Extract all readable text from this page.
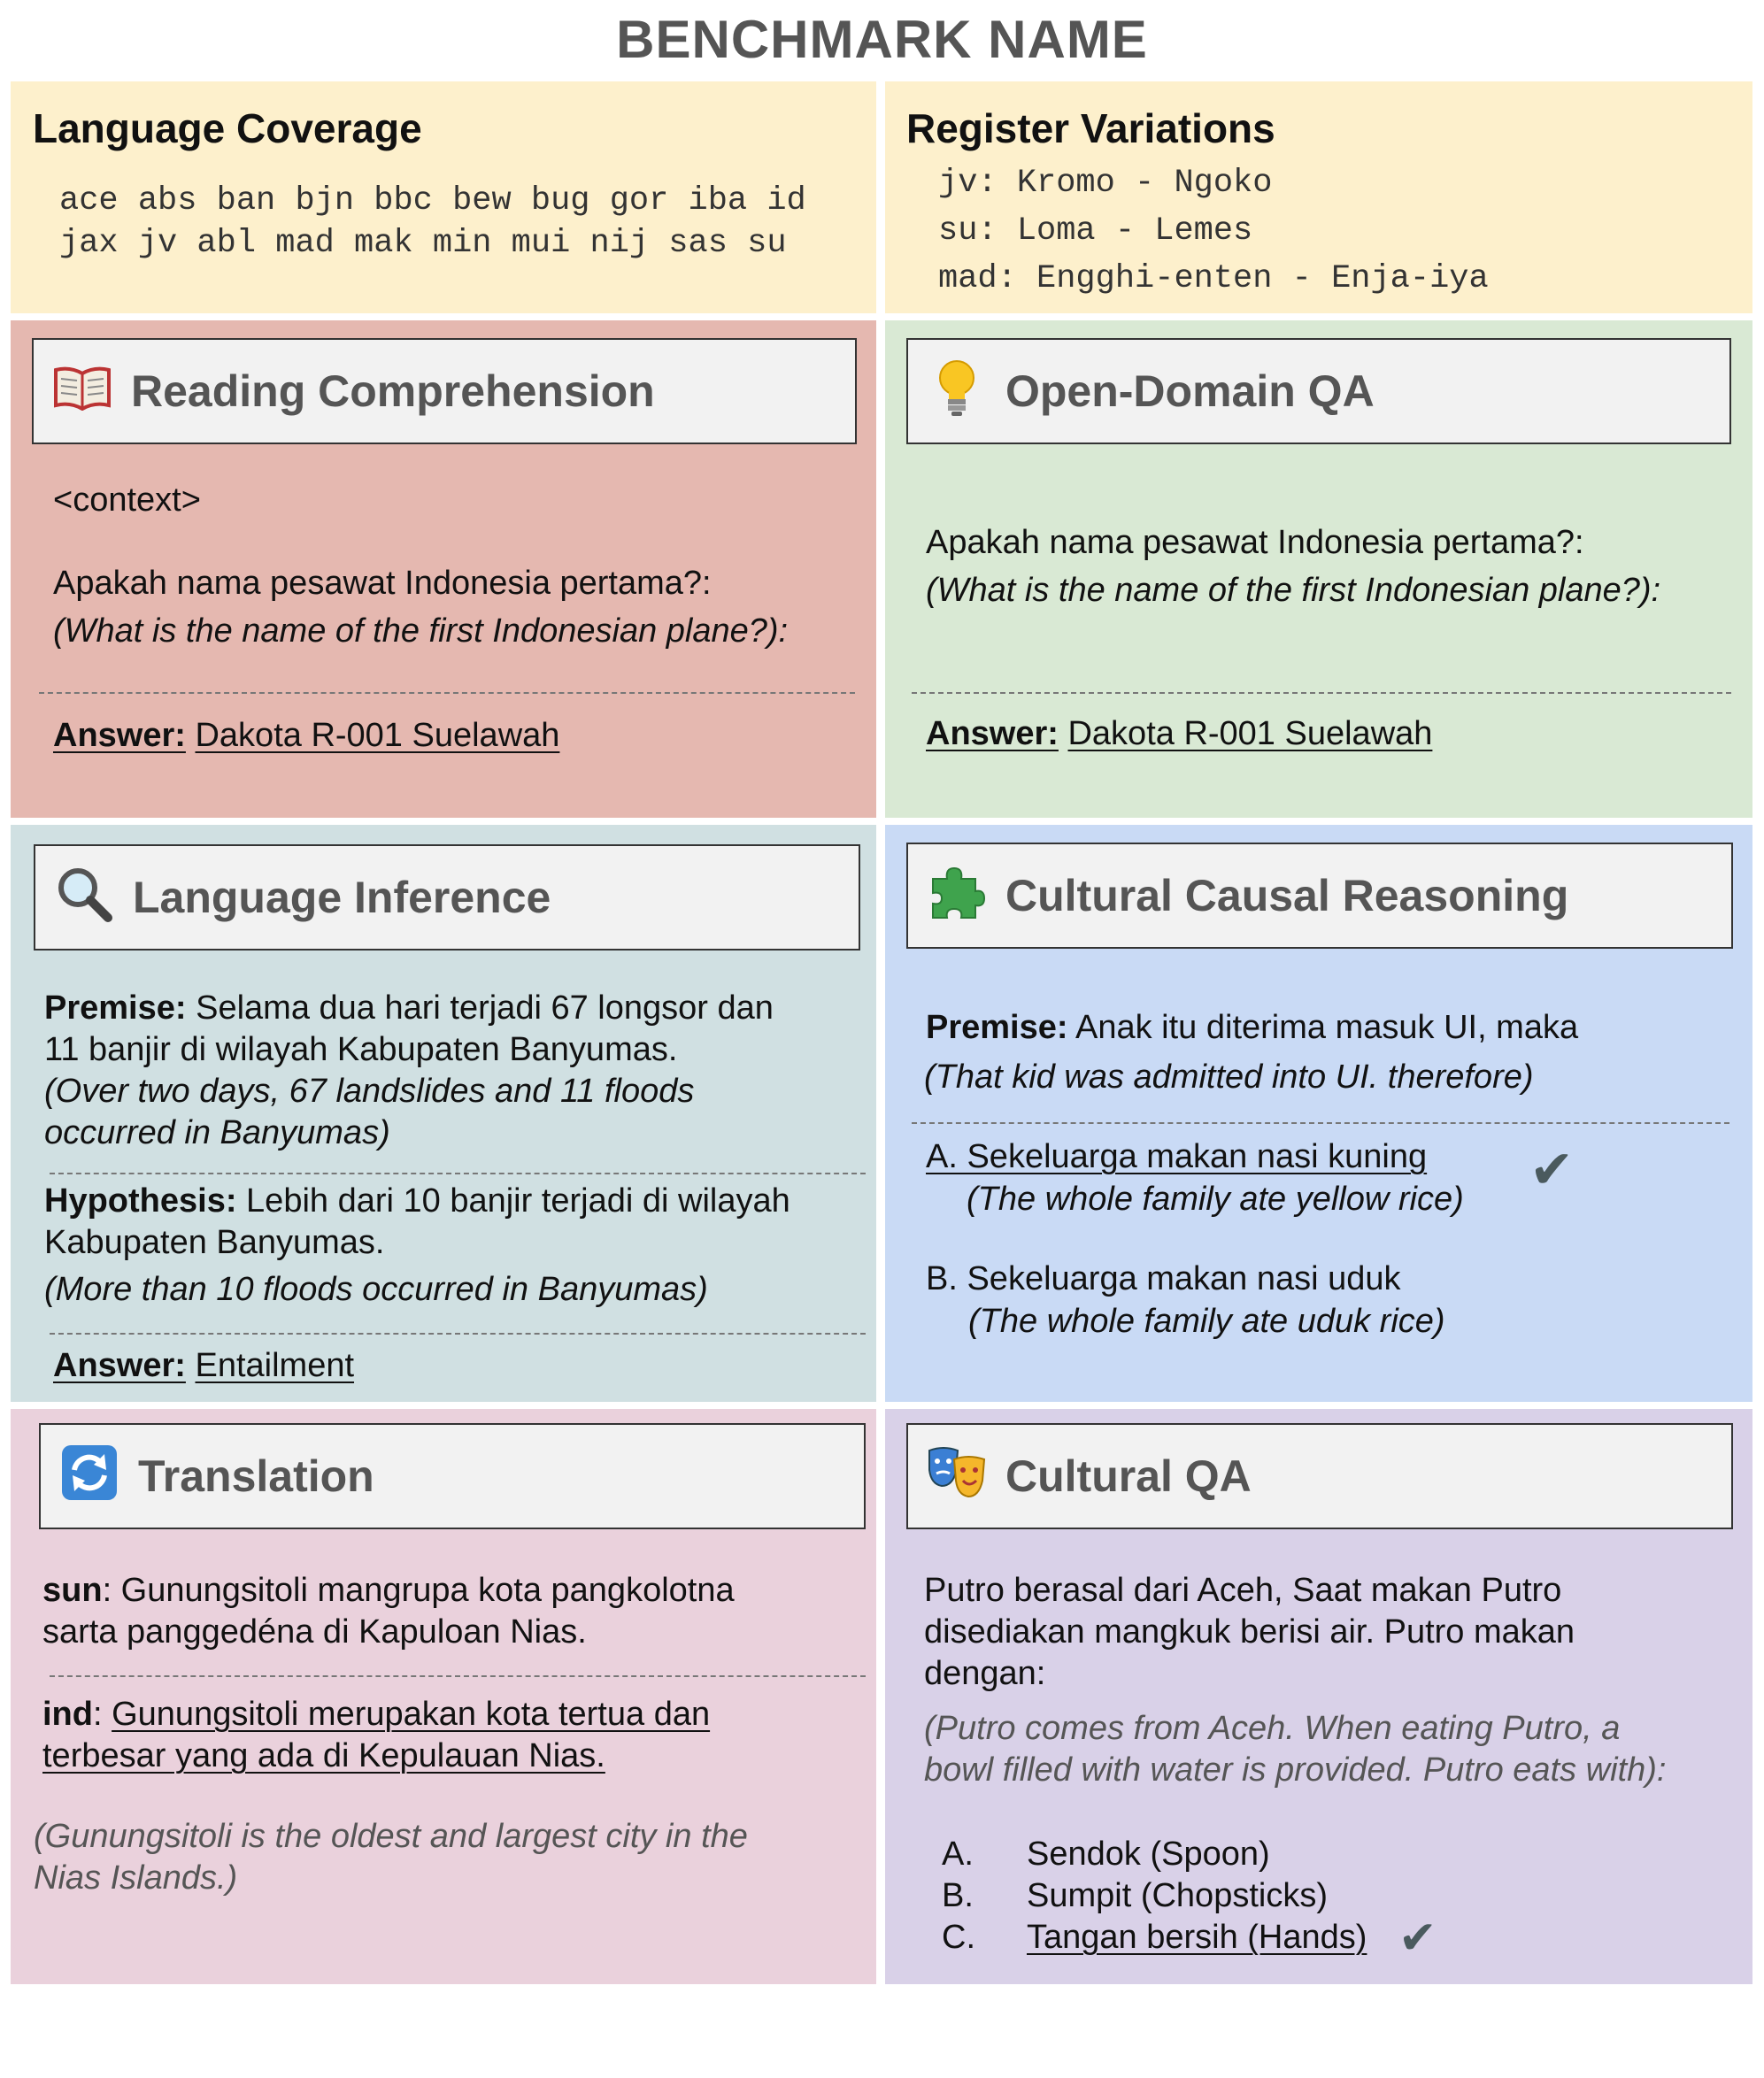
BENCHMARK NAME
Language Coverage
ace abs ban bjn bbc bew bug gor iba id
jax jv abl mad mak min mui nij sas su
Register Variations
jv: Kromo - Ngoko
su: Loma - Lemes
mad: Engghi-enten - Enja-iya
Reading Comprehension
<context>
Apakah nama pesawat Indonesia pertama?:
(What is the name of the first Indonesian plane?):
Answer: Dakota R-001 Suelawah
Open-Domain QA
Apakah nama pesawat Indonesia pertama?:
(What is the name of the first Indonesian plane?):
Answer: Dakota R-001 Suelawah
Language Inference
Premise: Selama dua hari terjadi 67 longsor dan
11 banjir di wilayah Kabupaten Banyumas.
(Over two days, 67 landslides and 11 floods
occurred in Banyumas)
Hypothesis: Lebih dari 10 banjir terjadi di wilayah
Kabupaten Banyumas.
(More than 10 floods occurred in Banyumas)
Answer: Entailment
Cultural Causal Reasoning
Premise: Anak itu diterima masuk UI, maka
(That kid was admitted into UI. therefore)
A. Sekeluarga makan nasi kuning
(The whole family ate yellow rice) ✔
B. Sekeluarga makan nasi uduk
(The whole family ate uduk rice)
Translation
sun: Gunungsitoli mangrupa kota pangkolotna
sarta panggedéna di Kapuloan Nias.
ind: Gunungsitoli merupakan kota tertua dan
terbesar yang ada di Kepulauan Nias.
(Gunungsitoli is the oldest and largest city in the
Nias Islands.)
Cultural QA
Putro berasal dari Aceh, Saat makan Putro
disediakan mangkuk berisi air. Putro makan
dengan:
(Putro comes from Aceh. When eating Putro, a
bowl filled with water is provided. Putro eats with):
A. Sendok (Spoon)
B. Sumpit (Chopsticks)
C. Tangan bersih (Hands) ✔
